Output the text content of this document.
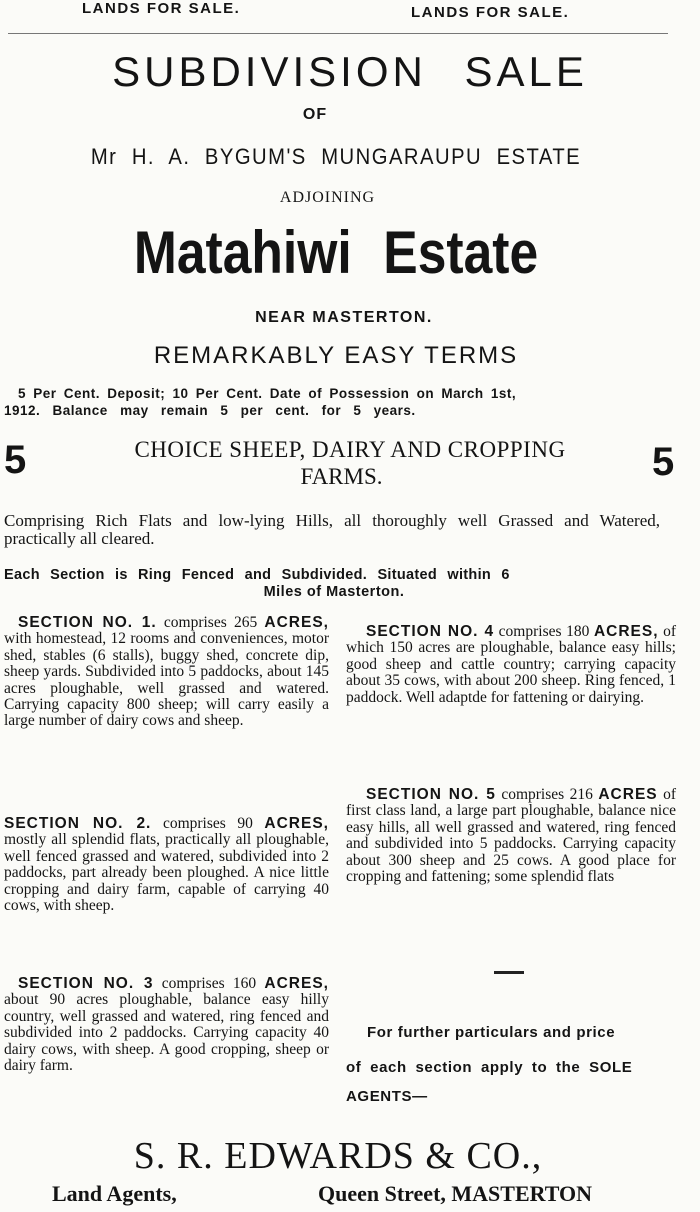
LANDS FOR SALE.	LANDS FOR SALE.
SUBDIVISION SALE
OF
Mr H. A. BYGUM'S MUNGARAUPU ESTATE
ADJOINING
Matahiwi Estate
NEAR MASTERTON.
REMARKABLY EASY TERMS
5 Per Cent. Deposit; 10 Per Cent. Date of Possession on March 1st,
1912. Balance may remain 5 per cent. for 5 years.
5	5
CHOICE SHEEP, DAIRY AND CROPPING
FARMS.
Comprising Rich Flats and low-lying Hills, all thoroughly well Grassed and Watered, practically all cleared.
Each Section is Ring Fenced and Subdivided. Situated within 6
Miles of Masterton.
SECTION NO. 1. comprises 265 ACRES, with homestead, 12 rooms and conveniences, motor shed, stables (6 stalls), buggy shed, concrete dip, sheep yards. Subdivided into 5 paddocks, about 145 acres ploughable, well grassed and watered. Carrying capacity 800 sheep; will carry easily a large number of dairy cows and sheep.
SECTION NO. 2. comprises 90 ACRES, mostly all splendid flats, practically all ploughable, well fenced grassed and watered, subdivided into 2 paddocks, part already been ploughed. A nice little cropping and dairy farm, capable of carrying 40 cows, with sheep.
SECTION NO. 3 comprises 160 ACRES, about 90 acres ploughable, balance easy hilly country, well grassed and watered, ring fenced and subdivided into 2 paddocks. Carrying capacity 40 dairy cows, with sheep. A good cropping, sheep or dairy farm.
SECTION NO. 4 comprises 180 ACRES, of which 150 acres are ploughable, balance easy hills; good sheep and cattle country; carrying capacity about 35 cows, with about 200 sheep. Ring fenced, 1 paddock. Well adaptde for fattening or dairying.
SECTION NO. 5 comprises 216 ACRES of first class land, a large part ploughable, balance nice easy hills, all well grassed and watered, ring fenced and subdivided into 5 paddocks. Carrying capacity about 300 sheep and 25 cows. A good place for cropping and fattening; some splendid flats
For further particulars and price
of each section apply to the SOLE
AGENTS—
S. R. EDWARDS & CO.,
Land Agents,	Queen Street, MASTERTON
